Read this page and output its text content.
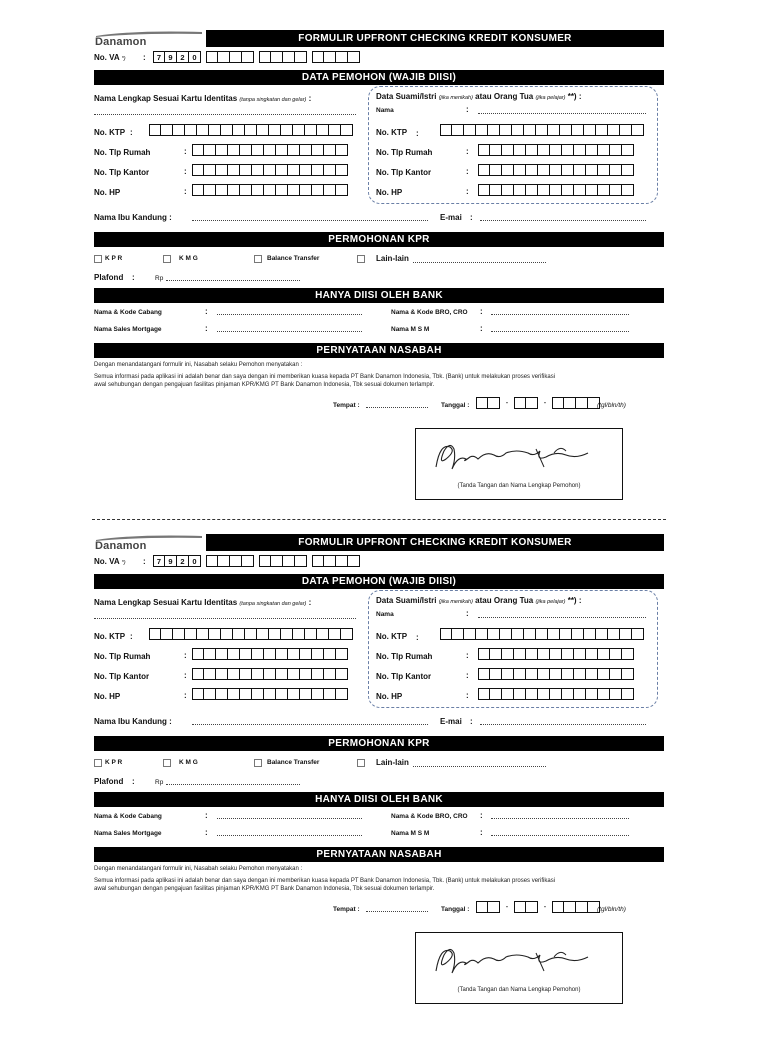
Danamon	FORMULIR UPFRONT CHECKING KREDIT KONSUMER
No. VA *) :	7 9	2	0
DATA PEMOHON (WAJIB DIISI)
Nama Lengkap Sesuai Kartu Identitas (tanpa singkatan dan gelar) :
No. KTP :
No. Tlp Rumah	:
No. Tlp Kantor	:
No. HP	:
Data Suami/Istri (jika menikah) atau Orang Tua (jika pelajar) **) :
Nama	:
No. KTP :
No. Tlp Rumah	:
No. Tlp Kantor	:
No. HP	:
Nama Ibu Kandung :	E-mai :
PERMOHONAN KPR
K P R	K M G	Balance Transfer	Lain-lain
Plafond :	Rp
HANYA DIISI OLEH BANK
Nama & Kode Cabang	:	Nama & Kode BRO, CRO :
Nama Sales Mortgage	:	Nama M S M	:
PERNYATAAN NASABAH
Dengan menandatangani formulir ini, Nasabah selaku Pemohon menyatakan :
Semua informasi pada aplikasi ini adalah benar dan saya dengan ini memberikan kuasa kepada PT Bank Danamon Indonesia, Tbk. (Bank) untuk melakukan proses verifikasi
awal sehubungan dengan pengajuan fasilitas pinjaman KPR/KMG PT Bank Danamon Indonesia, Tbk sesuai dokumen terlampir.
Tempat :	Tanggal :	-	-	(tgl/bln/th)
(Tanda Tangan dan Nama Lengkap Pemohon)
Danamon	FORMULIR UPFRONT CHECKING KREDIT KONSUMER
No. VA *) :	7 9	2	0
DATA PEMOHON (WAJIB DIISI)
Nama Lengkap Sesuai Kartu Identitas (tanpa singkatan dan gelar) :
No. KTP :
No. Tlp Rumah	:
No. Tlp Kantor	:
No. HP	:
Data Suami/Istri (jika menikah) atau Orang Tua (jika pelajar) **) :
Nama	:
No. KTP :
No. Tlp Rumah	:
No. Tlp Kantor	:
No. HP	:
Nama Ibu Kandung :	E-mai :
PERMOHONAN KPR
K P R	K M G	Balance Transfer	Lain-lain
Plafond :	Rp
HANYA DIISI OLEH BANK
Nama & Kode Cabang	:	Nama & Kode BRO, CRO :
Nama Sales Mortgage	:	Nama M S M	:
PERNYATAAN NASABAH
Dengan menandatangani formulir ini, Nasabah selaku Pemohon menyatakan :
Semua informasi pada aplikasi ini adalah benar dan saya dengan ini memberikan kuasa kepada PT Bank Danamon Indonesia, Tbk. (Bank) untuk melakukan proses verifikasi
awal sehubungan dengan pengajuan fasilitas pinjaman KPR/KMG PT Bank Danamon Indonesia, Tbk sesuai dokumen terlampir.
Tempat :	Tanggal :	-	-	(tgl/bln/th)
(Tanda Tangan dan Nama Lengkap Pemohon)
